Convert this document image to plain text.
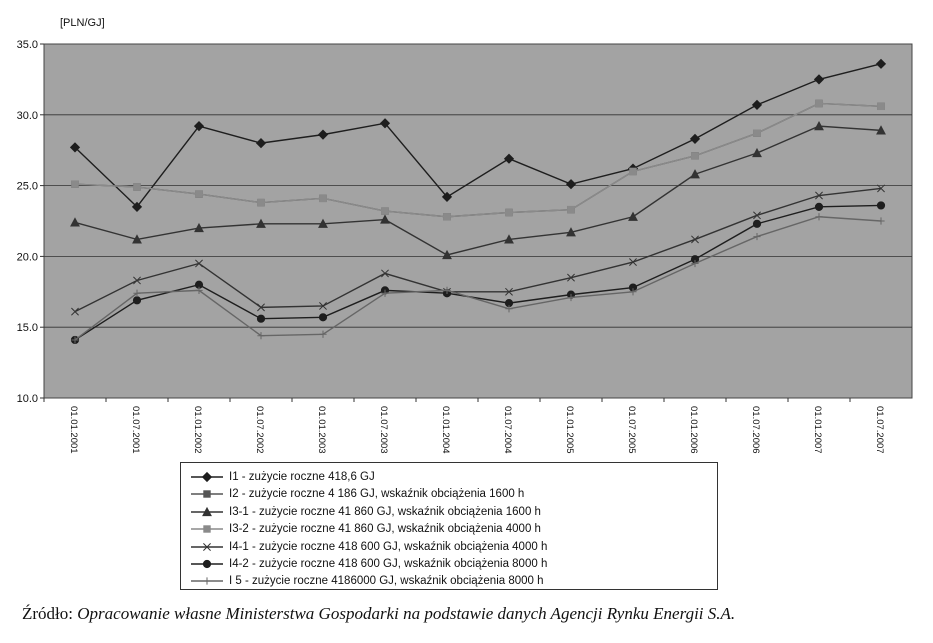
[PLN/GJ]
10.0
15.0
20.0
25.0
30.0
35.0
01.01.2001	01.07.2001	01.01.2002	01.07.2002	01.01.2003	01.07.2003	01.01.2004	01.07.2004	01.01.2005	01.07.2005	01.01.2006	01.07.2006	01.01.2007	01.07.2007
I1 - zużycie roczne 418,6 GJ
I2 - zużycie roczne 4 186 GJ, wskaźnik obciążenia 1600 h
I3-1 - zużycie roczne 41 860 GJ, wskaźnik obciążenia 1600 h
I3-2 - zużycie roczne 41 860 GJ, wskaźnik obciążenia 4000 h
I4-1 - zużycie roczne 418 600 GJ, wskaźnik obciążenia 4000 h
I4-2 - zużycie roczne 418 600 GJ, wskaźnik obciążenia 8000 h
I 5 - zużycie roczne 4186000 GJ, wskaźnik obciążenia 8000 h
Źródło: Opracowanie własne Ministerstwa Gospodarki na podstawie danych Agencji Rynku Energii S.A.
